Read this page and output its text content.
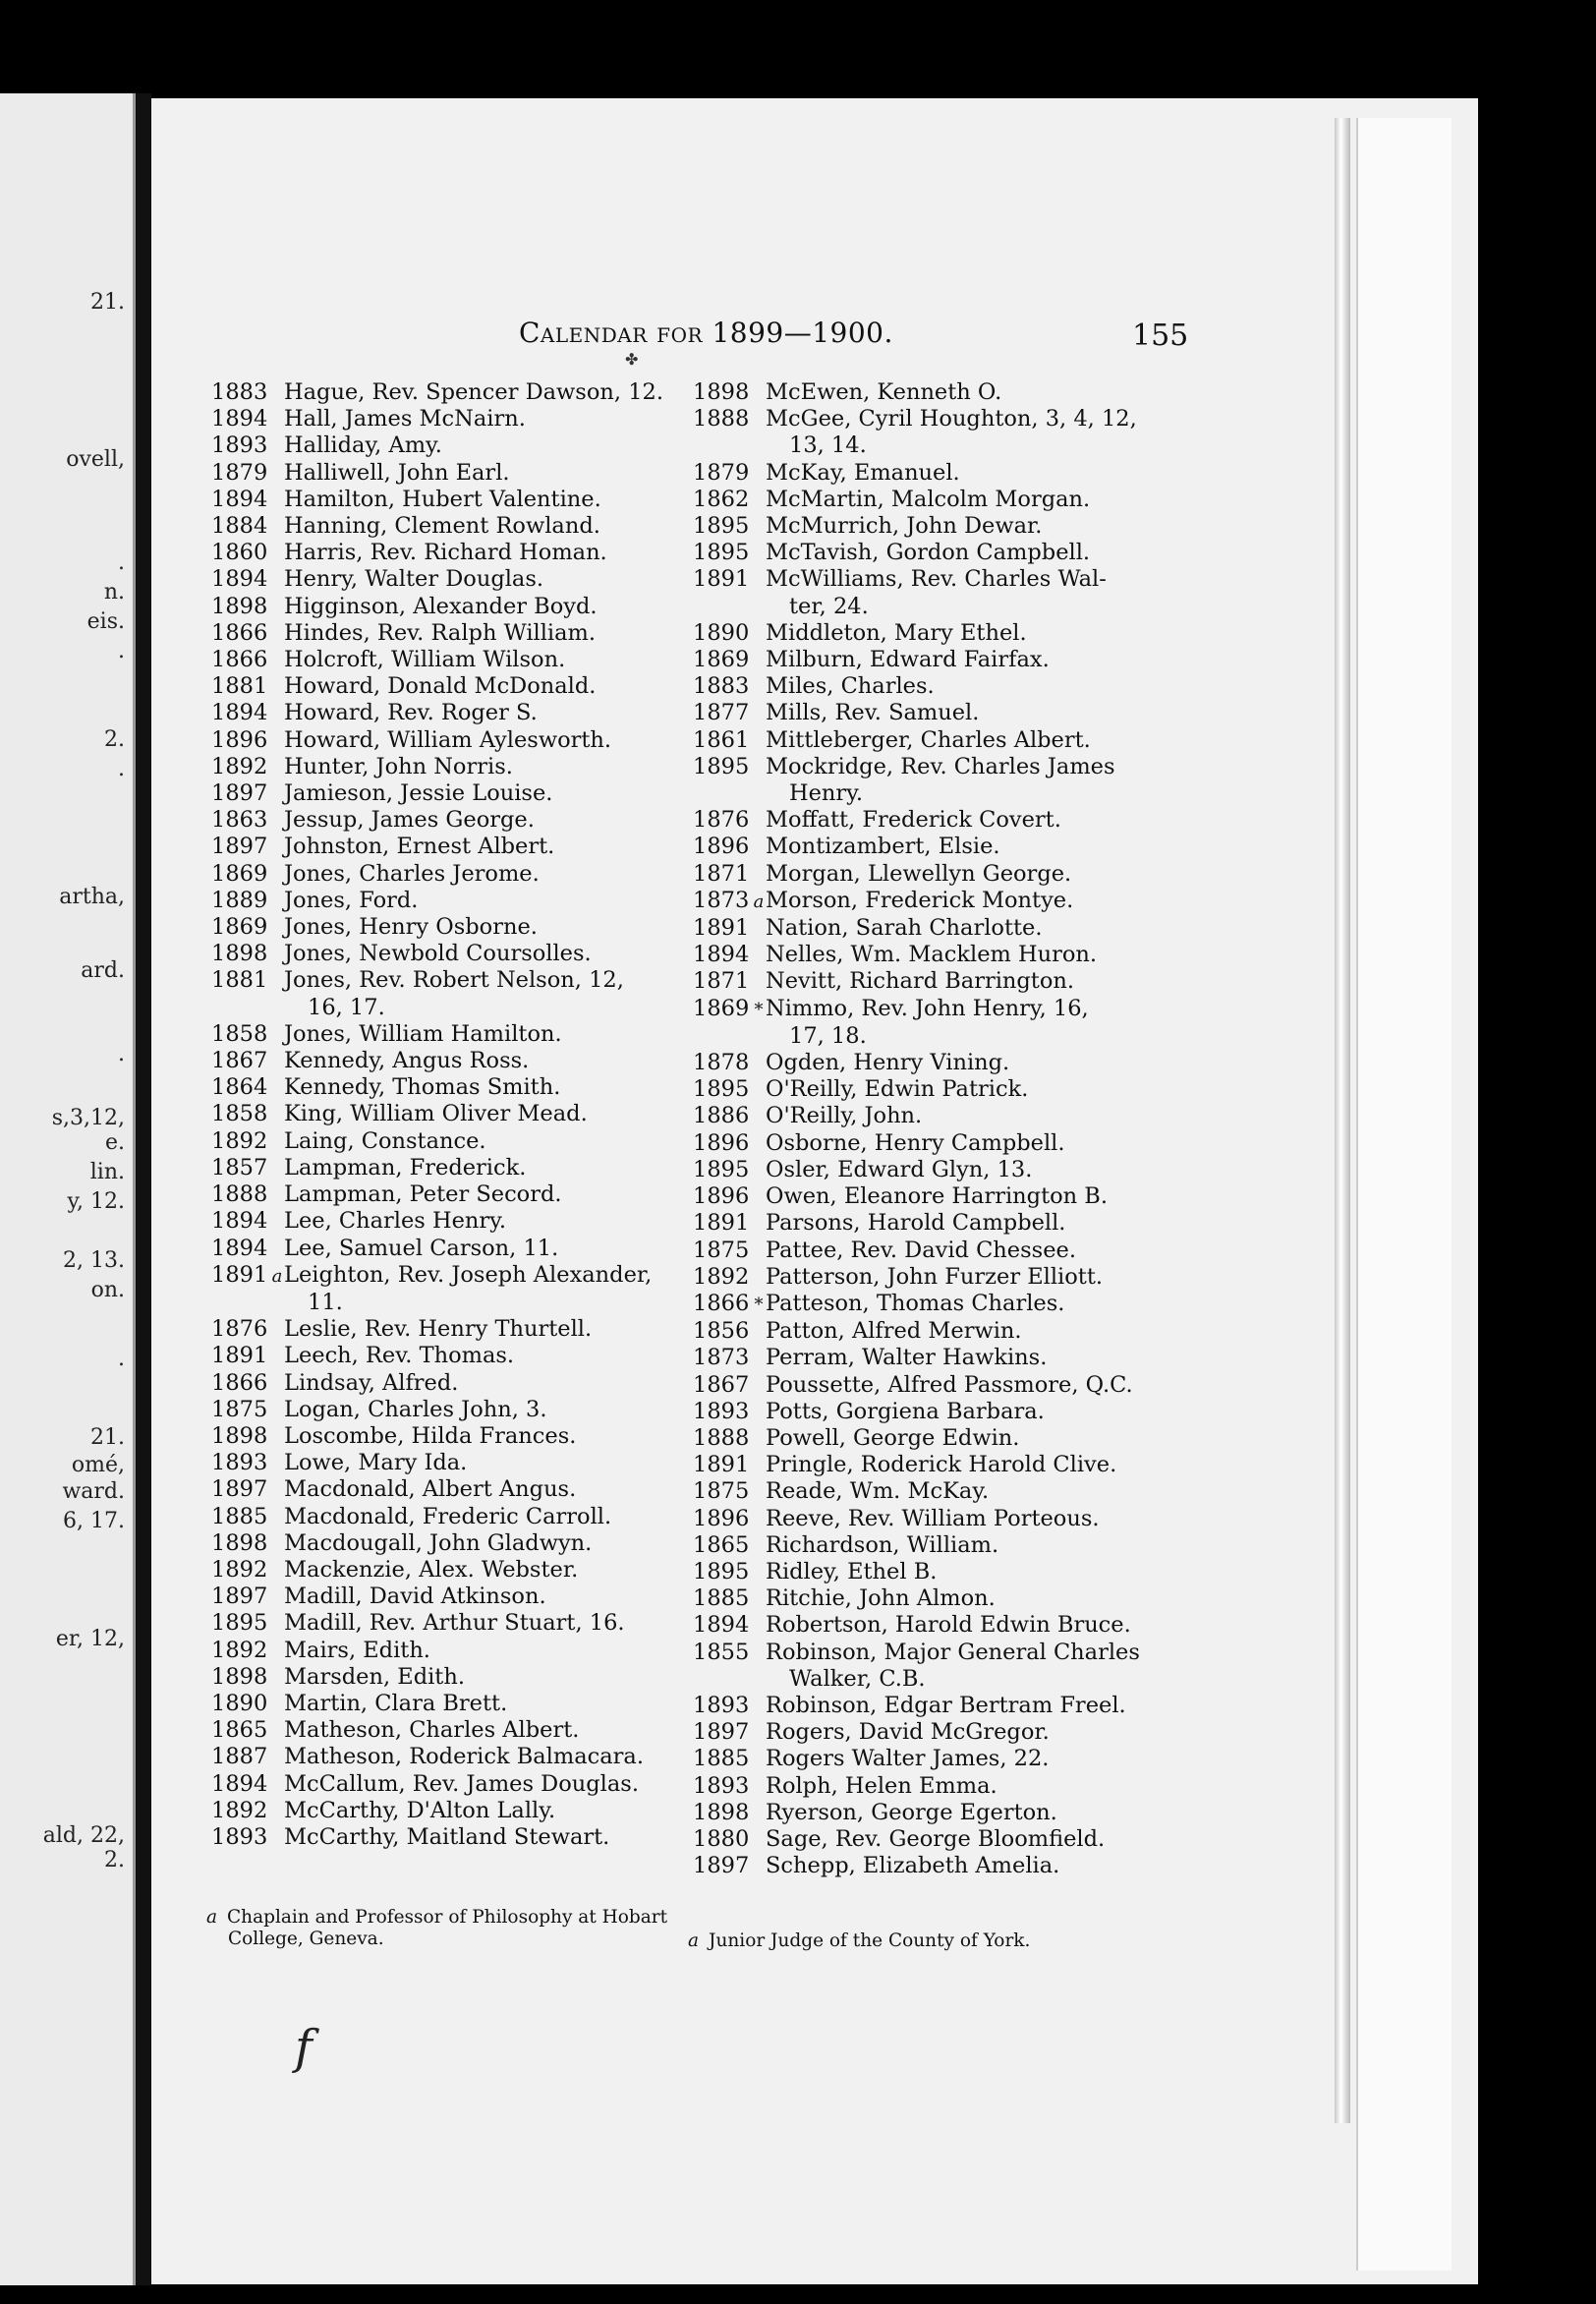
21.
ovell,
.
n.
eis.
.
2.
.
artha,
ard.
.
s,3,12,
e.
lin.
y, 12.
2, 13.
on.
.
21.
omé,
ward.
6, 17.
er, 12,
ald, 22,
2.
Calendar for 1899—1900.	155
✤
1883 Hague, Rev. Spencer Dawson, 12.
1894 Hall, James McNairn.
1893 Halliday, Amy.
1879 Halliwell, John Earl.
1894 Hamilton, Hubert Valentine.
1884 Hanning, Clement Rowland.
1860 Harris, Rev. Richard Homan.
1894 Henry, Walter Douglas.
1898 Higginson, Alexander Boyd.
1866 Hindes, Rev. Ralph William.
1866 Holcroft, William Wilson.
1881 Howard, Donald McDonald.
1894 Howard, Rev. Roger S.
1896 Howard, William Aylesworth.
1892 Hunter, John Norris.
1897 Jamieson, Jessie Louise.
1863 Jessup, James George.
1897 Johnston, Ernest Albert.
1869 Jones, Charles Jerome.
1889 Jones, Ford.
1869 Jones, Henry Osborne.
1898 Jones, Newbold Coursolles.
1881 Jones, Rev. Robert Nelson, 12,
16, 17.
1858 Jones, William Hamilton.
1867 Kennedy, Angus Ross.
1864 Kennedy, Thomas Smith.
1858 King, William Oliver Mead.
1892 Laing, Constance.
1857 Lampman, Frederick.
1888 Lampman, Peter Secord.
1894 Lee, Charles Henry.
1894 Lee, Samuel Carson, 11.
1891 aLeighton, Rev. Joseph Alexander,
11.
1876 Leslie, Rev. Henry Thurtell.
1891 Leech, Rev. Thomas.
1866 Lindsay, Alfred.
1875 Logan, Charles John, 3.
1898 Loscombe, Hilda Frances.
1893 Lowe, Mary Ida.
1897 Macdonald, Albert Angus.
1885 Macdonald, Frederic Carroll.
1898 Macdougall, John Gladwyn.
1892 Mackenzie, Alex. Webster.
1897 Madill, David Atkinson.
1895 Madill, Rev. Arthur Stuart, 16.
1892 Mairs, Edith.
1898 Marsden, Edith.
1890 Martin, Clara Brett.
1865 Matheson, Charles Albert.
1887 Matheson, Roderick Balmacara.
1894 McCallum, Rev. James Douglas.
1892 McCarthy, D'Alton Lally.
1893 McCarthy, Maitland Stewart.
1898 McEwen, Kenneth O.
1888 McGee, Cyril Houghton, 3, 4, 12,
13, 14.
1879 McKay, Emanuel.
1862 McMartin, Malcolm Morgan.
1895 McMurrich, John Dewar.
1895 McTavish, Gordon Campbell.
1891 McWilliams, Rev. Charles Wal-
ter, 24.
1890 Middleton, Mary Ethel.
1869 Milburn, Edward Fairfax.
1883 Miles, Charles.
1877 Mills, Rev. Samuel.
1861 Mittleberger, Charles Albert.
1895 Mockridge, Rev. Charles James
Henry.
1876 Moffatt, Frederick Covert.
1896 Montizambert, Elsie.
1871 Morgan, Llewellyn George.
1873 aMorson, Frederick Montye.
1891 Nation, Sarah Charlotte.
1894 Nelles, Wm. Macklem Huron.
1871 Nevitt, Richard Barrington.
1869 * Nimmo, Rev. John Henry, 16,
17, 18.
1878 Ogden, Henry Vining.
1895 O'Reilly, Edwin Patrick.
1886 O'Reilly, John.
1896 Osborne, Henry Campbell.
1895 Osler, Edward Glyn, 13.
1896 Owen, Eleanore Harrington B.
1891 Parsons, Harold Campbell.
1875 Pattee, Rev. David Chessee.
1892 Patterson, John Furzer Elliott.
1866 * Patteson, Thomas Charles.
1856 Patton, Alfred Merwin.
1873 Perram, Walter Hawkins.
1867 Poussette, Alfred Passmore, Q.C.
1893 Potts, Gorgiena Barbara.
1888 Powell, George Edwin.
1891 Pringle, Roderick Harold Clive.
1875 Reade, Wm. McKay.
1896 Reeve, Rev. William Porteous.
1865 Richardson, William.
1895 Ridley, Ethel B.
1885 Ritchie, John Almon.
1894 Robertson, Harold Edwin Bruce.
1855 Robinson, Major General Charles
Walker, C.B.
1893 Robinson, Edgar Bertram Freel.
1897 Rogers, David McGregor.
1885 Rogers Walter James, 22.
1893 Rolph, Helen Emma.
1898 Ryerson, George Egerton.
1880 Sage, Rev. George Bloomfield.
1897 Schepp, Elizabeth Amelia.
a Chaplain and Professor of Philosophy at Hobart
College, Geneva.	a Junior Judge of the County of York.
f
